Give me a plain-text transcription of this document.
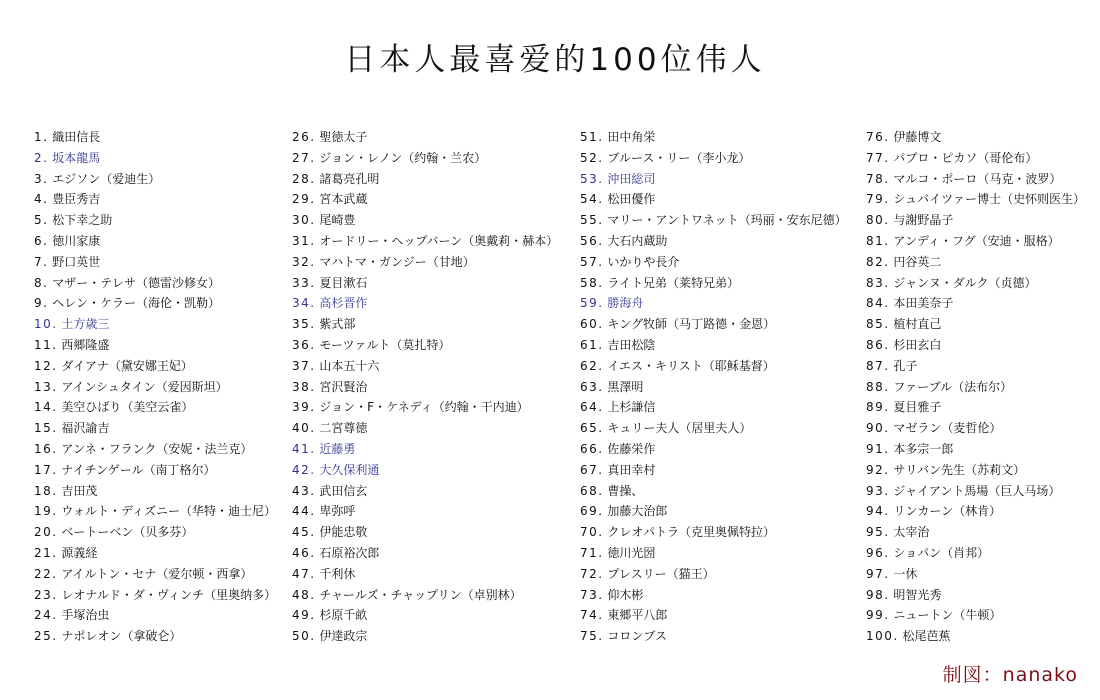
日本人最喜爱的100位伟人
1. 織田信長
2. 坂本龍馬
3. エジソン（爱迪生）
4. 豊臣秀吉
5. 松下幸之助
6. 徳川家康
7. 野口英世
8. マザー・テレサ（德雷沙修女）
9. ヘレン・ケラー（海伦・凯勒）
10. 土方歳三
11. 西郷隆盛
12. ダイアナ（黛安娜王妃）
13. アインシュタイン（爱因斯坦）
14. 美空ひばり（美空云雀）
15. 福沢諭吉
16. アンネ・フランク（安妮・法兰克）
17. ナイチンゲール（南丁格尔）
18. 吉田茂
19. ウォルト・ディズニー（华特・迪士尼）
20. ベートーベン（贝多芬）
21. 源義経
22. アイルトン・セナ（爱尔顿・西拿）
23. レオナルド・ダ・ヴィンチ（里奥纳多）
24. 手塚治虫
25. ナポレオン（拿破仑）
26. 聖徳太子
27. ジョン・レノン（约翰・兰农）
28. 諸葛亮孔明
29. 宮本武蔵
30. 尾崎豊
31. オードリー・ヘップバーン（奥戴莉・赫本）
32. マハトマ・ガンジー（甘地）
33. 夏目漱石
34. 高杉晋作
35. 紫式部
36. モーツァルト（莫扎特）
37. 山本五十六
38. 宮沢賢治
39. ジョン・F・ケネディ（约翰・干内迪）
40. 二宮尊徳
41. 近藤勇
42. 大久保利通
43. 武田信玄
44. 卑弥呼
45. 伊能忠敬
46. 石原裕次郎
47. 千利休
48. チャールズ・チャップリン（卓别林）
49. 杉原千畝
50. 伊達政宗
51. 田中角栄
52. ブルース・リー（李小龙）
53. 沖田総司
54. 松田優作
55. マリー・アントワネット（玛丽・安东尼德）
56. 大石内蔵助
57. いかりや長介
58. ライト兄弟（莱特兄弟）
59. 勝海舟
60. キング牧師（马丁路德・金恩）
61. 吉田松陰
62. イエス・キリスト（耶稣基督）
63. 黒澤明
64. 上杉謙信
65. キュリー夫人（居里夫人）
66. 佐藤栄作
67. 真田幸村
68. 曹操、
69. 加藤大治郎
70. クレオパトラ（克里奥佩特拉）
71. 徳川光圀
72. プレスリー（猫王）
73. 仰木彬
74. 東郷平八郎
75. コロンブス
76. 伊藤博文
77. パブロ・ピカソ（哥伦布）
78. マルコ・ポーロ（马克・波罗）
79. シュバイツァー博士（史怀则医生）
80. 与謝野晶子
81. アンディ・フグ（安迪・服格）
82. 円谷英二
83. ジャンヌ・ダルク（贞德）
84. 本田美奈子
85. 植村直己
86. 杉田玄白
87. 孔子
88. ファーブル（法布尔）
89. 夏目雅子
90. マゼラン（麦哲伦）
91. 本多宗一郎
92. サリバン先生（苏莉文）
93. ジャイアント馬場（巨人马场）
94. リンカーン（林肯）
95. 太宰治
96. ショパン（肖邦）
97. 一休
98. 明智光秀
99. ニュートン（牛顿）
100. 松尾芭蕉
制図：nanako
